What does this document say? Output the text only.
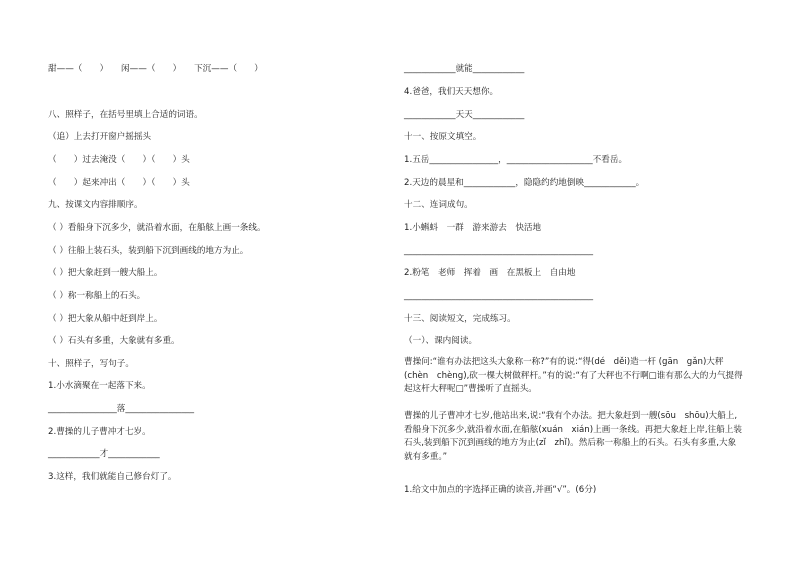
甜——（　　）　　闲——（　　）　　下沉——（　　）
八、照样子，在括号里填上合适的词语。
（追）上去打开窗户摇摇头
（　　）过去淹没（　　）（　　）头
（　　）起来冲出（　　）（　　）头
九、按课文内容排顺序。
（ ）看船身下沉多少，就沿着水面，在船舷上画一条线。
（ ）往船上装石头，装到船下沉到画线的地方为止。
（ ）把大象赶到一艘大船上。
（ ）称一称船上的石头。
（ ）把大象从船中赶到岸上。
（ ）石头有多重，大象就有多重。
十、照样子，写句子。
1.小水滴聚在一起落下来。
________________落________________
2.曹操的儿子曹冲才七岁。
____________才____________
3.这样，我们就能自己修台灯了。
____________就能____________
4.爸爸，我们天天想你。
____________天天____________
十一、按原文填空。
1.五岳________________，____________________不看岳。
2.天边的晨星和____________，隐隐约约地倒映____________。
十二、连词成句。
1.小蝌蚪　一群　游来游去　快活地
____________________________________________
2.粉笔　老师　挥着　画　在黑板上　自由地
____________________________________________
十三、阅读短文，完成练习。
（一）、课内阅读。
曹操问:“谁有办法把这头大象称一称?”有的说:“得(dé　děi)造一杆 (gān　gǎn)大秤(chèn　chèng),砍一棵大树做秤杆。”有的说:“有了大秤也不行啊□谁有那么大的力气提得起这杆大秤呢□”曹操听了直摇头。
曹操的儿子曹冲才七岁,他站出来,说:“我有个办法。把大象赶到一艘(sōu　shōu)大船上,看船身下沉多少,就沿着水面,在船舷(xuán　xián)上画一条线。再把大象赶上岸,往船上装石头,装到船下沉到画线的地方为止(zǐ　zhǐ)。然后称一称船上的石头。石头有多重,大象就有多重。”
1.给文中加点的字选择正确的读音,并画“√”。(6分)
